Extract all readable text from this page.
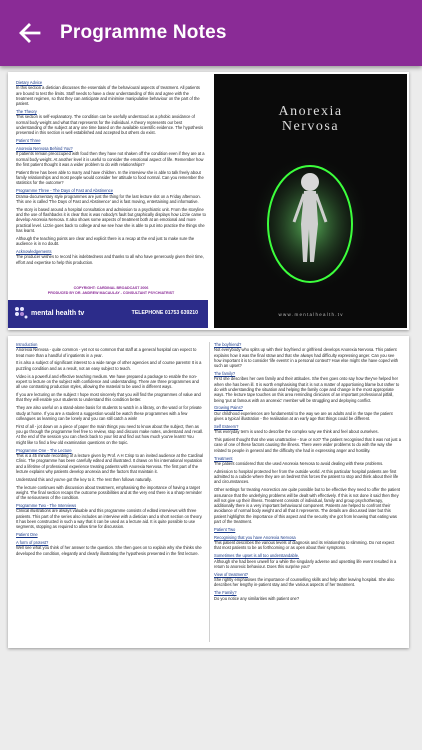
Programme Notes

Dietary Advice
In this section a dietician discusses the essentials of the behavioural aspects of treatment. All patients are bound to test the limits. Staff needs to have a clear understanding of this and agree with the treatment regimen, so that they can anticipate and minimise manipulative behaviour on the part of the patient.

The Theory
This section is self-explanatory. The condition can be usefully understood as a phobic avoidance of normal body weight and what that represents for the individual. A theory represents our best understanding of the subject at any one time based on the available scientific evidence. The hypothesis presented in this section is well established and accepted but others do exist.

Patient Three

Anorexia Nervosa Behind You?
If patients remain preoccupied with food then they have not shaken off the condition even if they are at a normal body weight. At another level it is useful to consider the emotional aspect of life. Remember how the first patient thought it was a wider problem to do with relationships?

Patient three has been able to marry and have children. In the interview she is able to talk freely about family relationships and most people would consider her attitude to food normal. Can you remember the statistics for the outcome?

Programme Three - The Days of Fast and Abstinence
Drama-documentary style programmes are just the thing for the last lecture slot on a Friday afternoon. This one is called 'The Days of Fast and Abstinence' and is fast moving, entertaining and informative.

The story is based around a hospital consultation and admission to a psychiatric unit. From the storyline and the use of flashbacks it is clear that is was nobody's fault but graphically displays how Lizzie came to develop Anorexia Nervosa. It also shows some aspects of treatment both at an emotional and more practical level. Lizzie goes back to college and we see how she is able to put into practice the things she has learnt.

Although the teaching points are clear and explicit there is a recap at the end just to make sure the audience is in no doubt.

Acknowledgements
The producer wishes to record his indebtedness and thanks to all who have generously given their time, effort and expertise to help this production.

COPYRIGHT: CARDINAL BROADCAST 2006
PRODUCED BY DR. ANDREW MACAULAY - CONSULTANT PSYCHIATRIST
mental health tv	TELEPHONE 01753 639210
Anorexia
Nervosa
w w w . m e n t a l h e a l t h . t v

Introduction
Anorexia Nervosa - quite common - yet not so common that staff at a general hospital can expect to treat more than a handful of inpatients in a year.

It is also a subject of significant interest to a wide range of other agencies and of course parents! It is a puzzling condition and as a result, not an easy subject to teach.

Video is a powerful and effective teaching medium. We have prepared a package to enable the non-expert to lecture on the subject with confidence and understanding. There are three programmes and all use contrasting production styles, allowing the material to be used in different ways.

If you are lecturing on the subject I hope most sincerely that you will find the programmes of value and that they will enable your students to understand this condition better.

They are also useful on a stand-alone basis for students to watch in a library, on the ward or for private study at home. If you are a student a suggestion would be watch these programmes with a few colleagues as learning can be lonely and you can still catch a wink!

First of all - jot down on a piece of paper the main things you need to know about the subject, then as you go through the programme feel free to review, stop and discuss make notes, understand and recall. At the end of the session you can check back to your list and find out how much you've learnt! You might like to find a few old examination questions on the topic.

Programme One - The Lecture
This is a 45 minute recording of a lecture given by Prof. A H Crisp to an invited audience at the Cardinal Clinic. The programme has been carefully edited and illustrated. It draws on his international reputation and a lifetime of professional experience treating patients with Anorexia Nervosa. The first part of the lecture explains why patients develop anorexia and the factors that maintain it.

Understand this and you've got the key to it. The rest then follows naturally.

The lecture continues with discussion about treatment, emphasising the importance of having a target weight. The final section recaps the outcome possibilities and at the very end there is a sharp reminder of the seriousness of the condition.

Programme Two - The Interviews
Clinical illustrations are always valuable and this programme consists of edited interviews with three patients. This part of the series also includes an interview with a dietician and a short section on theory. It has been constructed in such a way that it can be used as a lecture aid. It is quite possible to use segments, stopping as required to allow time for discussion.

Patient One

A form of protest?
Well see what you think of her answer to the question. She then goes on to explain why she thinks she developed the condition, elegantly and clearly illustrating the hypothesis presented in the first lecture.

The boyfriend?
Not everybody who splits up with their boyfriend or girlfriend develops Anorexia Nervosa. This patient explains how it was the final straw and that she always had difficulty expressing anger. Can you see how important it is to consider 'life events' in a personal context? How else might she have coped with such an upset?

The family?
First she describes her own family and their attitudes. She then goes onto say how they've helped her when she has been ill. It is worth emphasising that it is not a matter of apportioning blame but rather to do with understanding the situation and helping the family cope and change in the most appropriate ways. The lecture tape touches on this area reminding clinicians of an important professional pitfall, being 'put at famous with an anorexic' member will be struggling and deploying conflict.

Growing Pains?
Our childhood experiences are fundamental to the way we are as adults and in the tape the patient gives a typical illustration - the realisation at an early age that things could be different.

Self Esteem?
This everyday term is used to describe the complex way we think and feel about ourselves.

This patient thought that she was unattractive - true or not? The patient recognised that it was not just a case of one of these factors causing the illness. There were wider problems to do with the way she related to people in general and the difficulty she had in expressing anger and hostility.

Treatment
The patient considered that she used Anorexia Nervosa to avoid dealing with these problems.

Admission to hospital protected her from the outside world. At this particular hospital patients are first admitted to a cubicle where they are on bedrest this forces the patient to stop and think about their life and circumstances.

Other settings for treating Anorectics are quite possible but to be effective they need to offer the patient assurance that the underlying problems will be dealt with effectively. If this is not done it said then they will not give up their illness. Treatment consists of individual, family and group psychotherapy, additionally there is a very important behavioural component. Patients are helped to confront their avoidance of normal body weight and all that it represents. The details are discussed later but this patient highlights the importance of this aspect and the security she got from knowing that eating was part of the treatment.

Patient Two

Recognising that you have Anorexia Nervosa
This patient describes the various levels of diagnosis and its relationship to slimming. Do not expect that most patients to be as forthcoming or as open about their symptoms.

Sometimes the upset is all too understandable.
Although she had been unwell for a while the singularly adverse and upsetting life event resulted in a return to anorexic behaviour. Does this surprise you?

View of treatment?
She rightly emphasises the importance of counselling skills and help after leaving hospital. She also describes her lengthy in-patient stay and the various aspects of her treatment.

The Family?
Do you notice any similarities with patient one?
